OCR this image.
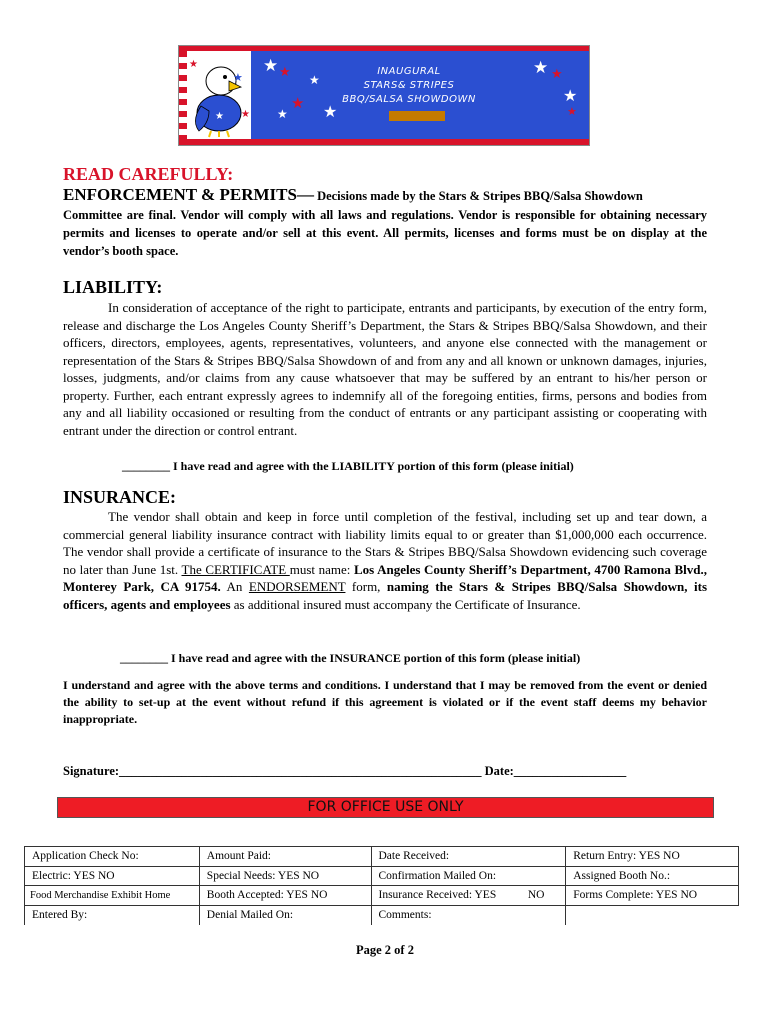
★
★
★
★
★ ★
★ ★
★
★
★ ★
★
★
INAUGURAL
STARS& STRIPES
BBQ/SALSA SHOWDOWN
READ CAREFULLY:
ENFORCEMENT & PERMITS— Decisions made by the Stars & Stripes BBQ/Salsa Showdown
Committee are final. Vendor will comply with all laws and regulations. Vendor is responsible for obtaining necessary permits and licenses to operate and/or sell at this event. All permits, licenses and forms must be on display at the vendor’s booth space.
LIABILITY:
In consideration of acceptance of the right to participate, entrants and participants, by execution of the entry form, release and discharge the Los Angeles County Sheriff’s Department, the Stars & Stripes BBQ/Salsa Showdown, and their officers, directors, employees, agents, representatives, volunteers, and anyone else connected with the management or representation of the Stars & Stripes BBQ/Salsa Showdown of and from any and all known or unknown damages, injuries, losses, judgments, and/or claims from any cause whatsoever that may be suffered by an entrant to his/her person or property. Further, each entrant expressly agrees to indemnify all of the foregoing entities, firms, persons and bodies from any and all liability occasioned or resulting from the conduct of entrants or any participant assisting or cooperating with entrant under the direction or control entrant.
________ I have read and agree with the LIABILITY portion of this form (please initial)
INSURANCE:
The vendor shall obtain and keep in force until completion of the festival, including set up and tear down, a commercial general liability insurance contract with liability limits equal to or greater than $1,000,000 each occurrence. The vendor shall provide a certificate of insurance to the Stars & Stripes BBQ/Salsa Showdown evidencing such coverage no later than June 1st. The CERTIFICATE must name: Los Angeles County Sheriff’s Department, 4700 Ramona Blvd., Monterey Park, CA 91754. An ENDORSEMENT form, naming the Stars & Stripes BBQ/Salsa Showdown, its officers, agents and employees as additional insured must accompany the Certificate of Insurance.
________ I have read and agree with the INSURANCE portion of this form (please initial)
I understand and agree with the above terms and conditions. I understand that I may be removed from the event or denied the ability to set-up at the event without refund if this agreement is violated or if the event staff deems my behavior inappropriate.
Signature:__________________________________________________________ Date:__________________
FOR OFFICE USE ONLY
Application Check No:	Amount Paid:	Date Received:		Return Entry: YES NO
Electric: YES NO	Special Needs: YES NO	Confirmation Mailed On:		Assigned Booth No.:
Food Merchandise Exhibit Home	Booth Accepted: YES NO	Insurance Received: YES	NO	Forms Complete: YES NO
Entered By:	Denial Mailed On:	Comments:		
Page 2 of 2
